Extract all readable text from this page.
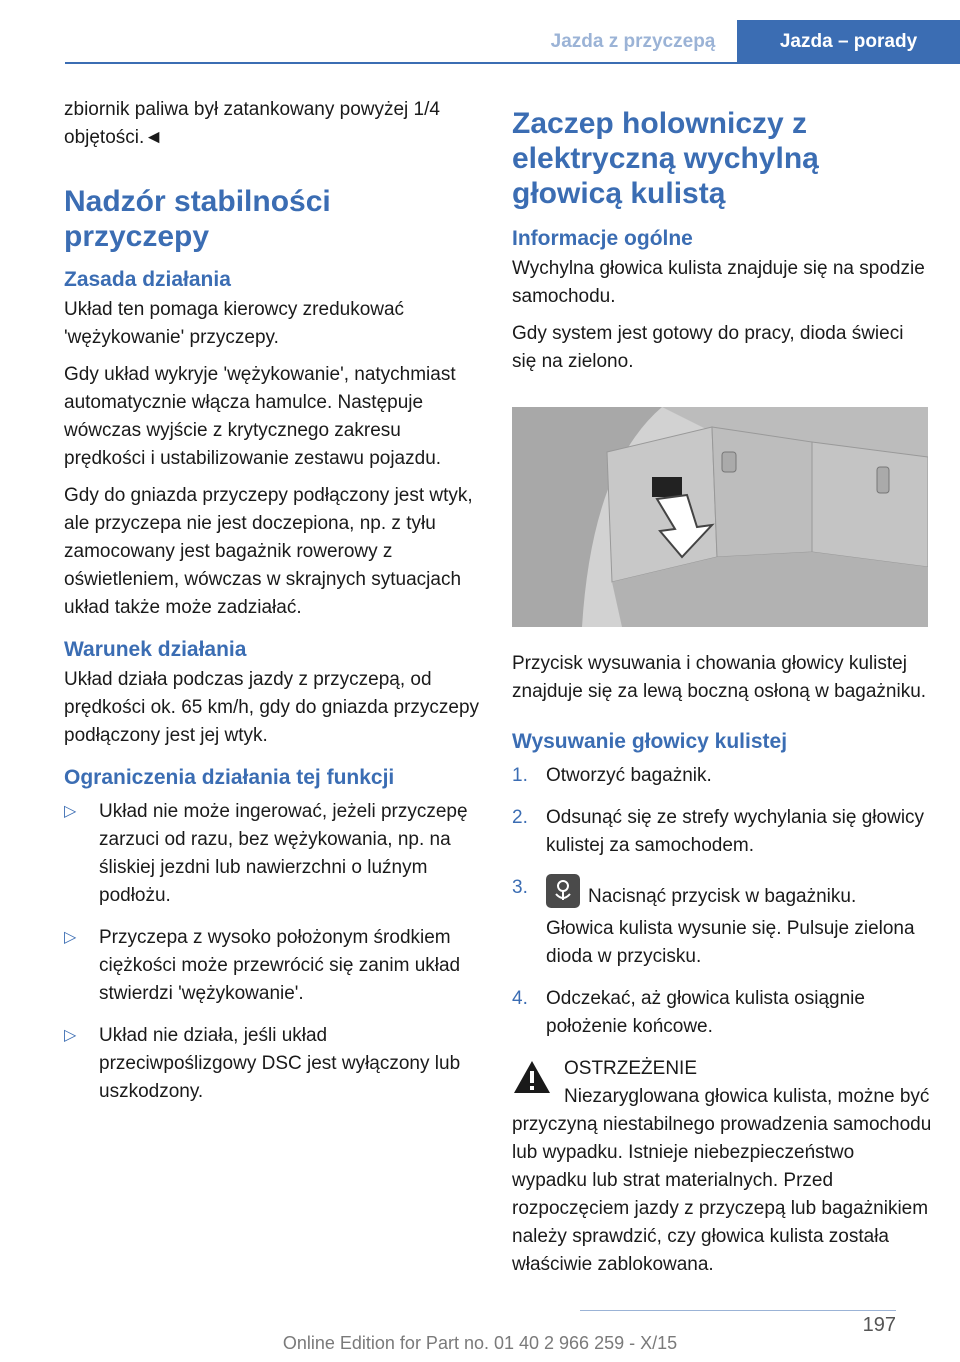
Jazda z przyczepą	Jazda – porady

zbiornik paliwa był zatankowany powyżej 1/4 objętości.◄

Nadzór stabilności przyczepy
Zasada działania

Układ ten pomaga kierowcy zredukować 'wężykowanie' przyczepy.

Gdy układ wykryje 'wężykowanie', natychmiast automatycznie włącza hamulce. Następuje wówczas wyjście z krytycznego zakresu prędkości i ustabilizowanie zestawu pojazdu.

Gdy do gniazda przyczepy podłączony jest wtyk, ale przyczepa nie jest doczepiona, np. z tyłu zamocowany jest bagażnik rowerowy z oświetleniem, wówczas w skrajnych sytuacjach układ także może zadziałać.

Warunek działania

Układ działa podczas jazdy z przyczepą, od prędkości ok. 65 km/h, gdy do gniazda przyczepy podłączony jest jej wtyk.

Ograniczenia działania tej funkcji
▷ Układ nie może ingerować, jeżeli przyczepę zarzuci od razu, bez wężykowania, np. na śliskiej jezdni lub nawierzchni o luźnym podłożu.
▷ Przyczepa z wysoko położonym środkiem ciężkości może przewrócić się zanim układ stwierdzi 'wężykowanie'.
▷ Układ nie działa, jeśli układ przeciwpoślizgowy DSC jest wyłączony lub uszkodzony.
Zaczep holowniczy z elektryczną wychylną głowicą kulistą
Informacje ogólne

Wychylna głowica kulista znajduje się na spodzie samochodu.

Gdy system jest gotowy do pracy, dioda świeci się na zielono.

Przycisk wysuwania i chowania głowicy kulistej znajduje się za lewą boczną osłoną w bagażniku.

Wysuwanie głowicy kulistej
1. Otworzyć bagażnik.
2. Odsunąć się ze strefy wychylania się głowicy kulistej za samochodem.
3.	Nacisnąć przycisk w bagażniku.

Głowica kulista wysunie się. Pulsuje zielona dioda w przycisku.

4. Odczekać, aż głowica kulista osiągnie położenie końcowe.

OSTRZEŻENIE

Niezaryglowana głowica kulista, możne być przyczyną niestabilnego prowadzenia samochodu lub wypadku. Istnieje niebezpieczeństwo wypadku lub strat materialnych. Przed rozpoczęciem jazdy z przyczepą lub bagażnikiem należy sprawdzić, czy głowica kulista została właściwie zablokowana.

197
Online Edition for Part no. 01 40 2 966 259 - X/15
